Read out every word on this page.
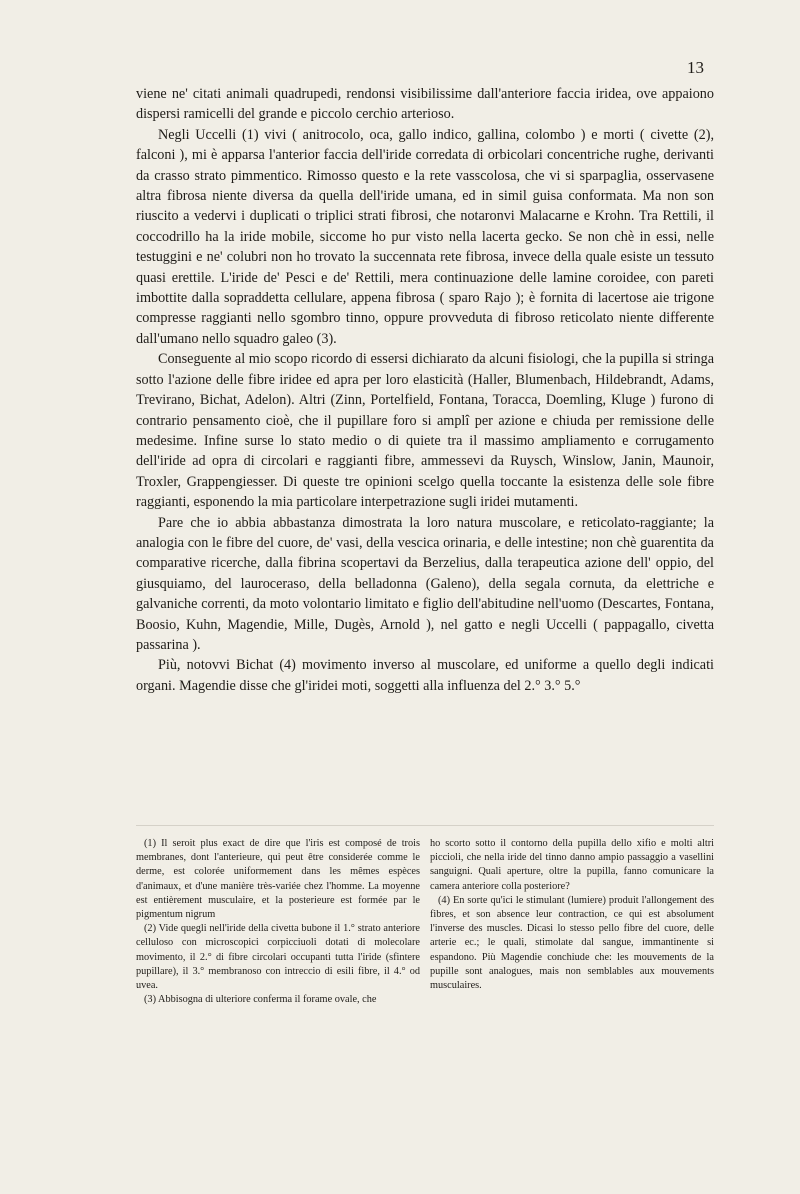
13

viene ne' citati animali quadrupedi, rendonsi visibilissime dall'anteriore faccia iridea, ove appaiono dispersi ramicelli del grande e piccolo cerchio arterioso.

Negli Uccelli (1) vivi ( anitrocolo, oca, gallo indico, gallina, colombo ) e morti ( civette (2), falconi ), mi è apparsa l'anterior faccia dell'iride corredata di orbicolari concentriche rughe, derivanti da crasso strato pimmentico. Rimosso questo e la rete vasscolosa, che vi si sparpaglia, osservasene altra fibrosa niente diversa da quella dell'iride umana, ed in simil guisa conformata. Ma non son riuscito a vedervi i duplicati o triplici strati fibrosi, che notaronvi Malacarne e Krohn. Tra Rettili, il coccodrillo ha la iride mobile, siccome ho pur visto nella lacerta gecko. Se non chè in essi, nelle testuggini e ne' colubri non ho trovato la succennata rete fibrosa, invece della quale esiste un tessuto quasi erettile. L'iride de' Pesci e de' Rettili, mera continuazione delle lamine coroidee, con pareti imbottite dalla sopraddetta cellulare, appena fibrosa ( sparo Rajo ); è fornita di lacertose aie trigone compresse raggianti nello sgombro tinno, oppure provveduta di fibroso reticolato niente differente dall'umano nello squadro galeo (3).

Conseguente al mio scopo ricordo di essersi dichiarato da alcuni fisiologi, che la pupilla si stringa sotto l'azione delle fibre iridee ed apra per loro elasticità (Haller, Blumenbach, Hildebrandt, Adams, Trevirano, Bichat, Adelon). Altri (Zinn, Portelfield, Fontana, Toracca, Doemling, Kluge ) furono di contrario pensamento cioè, che il pupillare foro si amplî per azione e chiuda per remissione delle medesime. Infine surse lo stato medio o di quiete tra il massimo ampliamento e corrugamento dell'iride ad opra di circolari e raggianti fibre, ammessevi da Ruysch, Winslow, Janin, Maunoir, Troxler, Grappengiesser. Di queste tre opinioni scelgo quella toccante la esistenza delle sole fibre raggianti, esponendo la mia particolare interpetrazione sugli iridei mutamenti.

Pare che io abbia abbastanza dimostrata la loro natura muscolare, e reticolato-raggiante; la analogia con le fibre del cuore, de' vasi, della vescica orinaria, e delle intestine; non chè guarentita da comparative ricerche, dalla fibrina scopertavi da Berzelius, dalla terapeutica azione dell' oppio, del giusquiamo, del lauroceraso, della belladonna (Galeno), della segala cornuta, da elettriche e galvaniche correnti, da moto volontario limitato e figlio dell'abitudine nell'uomo (Descartes, Fontana, Boosio, Kuhn, Magendie, Mille, Dugès, Arnold ), nel gatto e negli Uccelli ( pappagallo, civetta passarina ).

Più, notovvi Bichat (4) movimento inverso al muscolare, ed uniforme a quello degli indicati organi. Magendie disse che gl'iridei moti, soggetti alla influenza del 2.° 3.° 5.°

(1) Il seroit plus exact de dire que l'iris est composé de trois membranes, dont l'anterieure, qui peut être considerée comme le derme, est colorée uniformement dans les mêmes espèces d'animaux, et d'une manière très-variée chez l'homme. La moyenne est entièrement musculaire, et la posterieure est formée par le pigmentum nigrum

(2) Vide quegli nell'iride della civetta bubone il 1.° strato anteriore celluloso con microscopici corpicciuoli dotati di molecolare movimento, il 2.° di fibre circolari occupanti tutta l'iride (sfintere pupillare), il 3.° membranoso con intreccio di esili fibre, il 4.° od uvea.

(3) Abbisogna di ulteriore conferma il forame ovale, che

ho scorto sotto il contorno della pupilla dello xifio e molti altri piccioli, che nella iride del tinno danno ampio passaggio a vasellini sanguigni. Quali aperture, oltre la pupilla, fanno comunicare la camera anteriore colla posteriore?

(4) En sorte qu'ici le stimulant (lumiere) produit l'allongement des fibres, et son absence leur contraction, ce qui est absolument l'inverse des muscles. Dicasi lo stesso pello fibre del cuore, delle arterie ec.; le quali, stimolate dal sangue, immantinente si espandono. Più Magendie conchiude che: les mouvements de la pupille sont analogues, mais non semblables aux mouvements musculaires.
